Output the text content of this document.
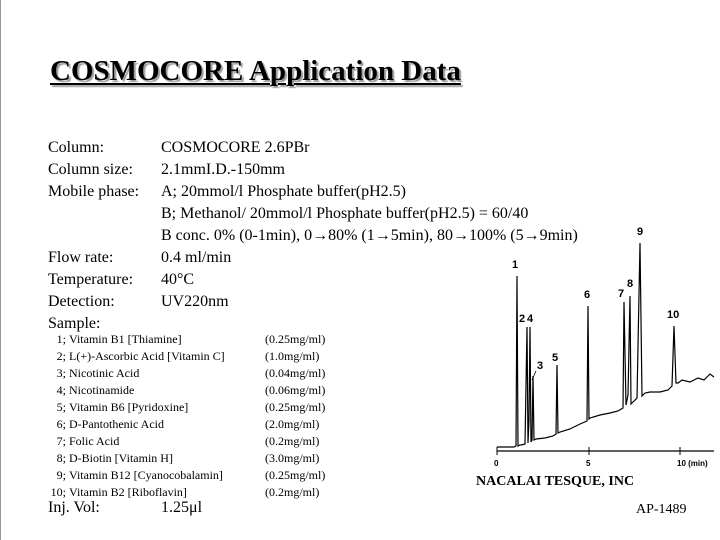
COSMOCORE Application Data
Column:	COSMOCORE 2.6PBr
Column size: 2.1mmI.D.-150mm
Mobile phase: A; 20mmol/l Phosphate buffer(pH2.5)
B; Methanol/ 20mmol/l Phosphate buffer(pH2.5) = 60/40
B conc. 0% (0-1min), 0→80% (1→5min), 80→100% (5→9min)
Flow rate:	0.4 ml/min
Temperature: 40°C
Detection:	UV220nm
Sample:
Inj. Vol:	1.25μl
1; Vitamin B1 [Thiamine]	(0.25mg/ml)
2; L(+)-Ascorbic Acid [Vitamin C]	(1.0mg/ml)
3; Nicotinic Acid	(0.04mg/ml)
4; Nicotinamide	(0.06mg/ml)
5; Vitamin B6 [Pyridoxine]	(0.25mg/ml)
6; D-Pantothenic Acid	(2.0mg/ml)
7; Folic Acid	(0.2mg/ml)
8; D-Biotin [Vitamin H]	(3.0mg/ml)
9; Vitamin B12 [Cyanocobalamin]	(0.25mg/ml)
10; Vitamin B2 [Riboflavin]	(0.2mg/ml)
0	5	10 (min)
1
2 4
3
5
6	7
8
9
10
NACALAI TESQUE, INC
AP-1489
